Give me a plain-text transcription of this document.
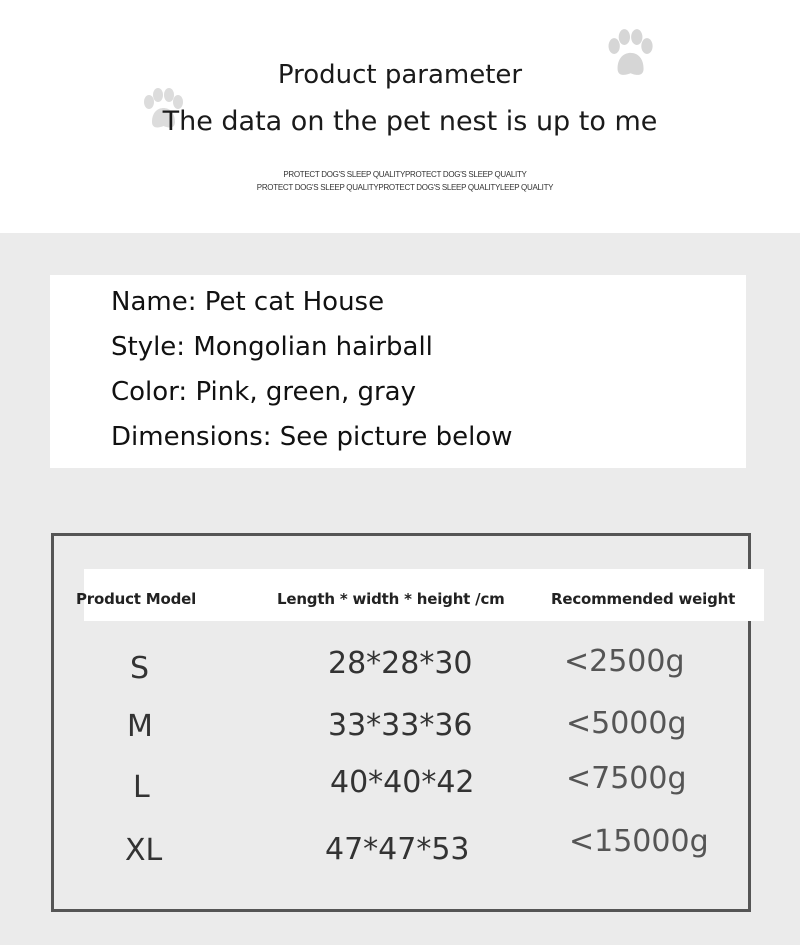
Product parameter
The data on the pet nest is up to me
PROTECT DOG'S SLEEP QUALITYPROTECT DOG'S SLEEP QUALITY
PROTECT DOG'S SLEEP QUALITYPROTECT DOG'S SLEEP QUALITYLEEP QUALITY
Name: Pet cat House
Style: Mongolian hairball
Color: Pink, green, gray
Dimensions: See picture below
Product Model	Length * width * height /cm	Recommended weight
S	28*28*30	<2500g
M	33*33*36	<5000g
L	40*40*42	<7500g
XL	47*47*53	<15000g
